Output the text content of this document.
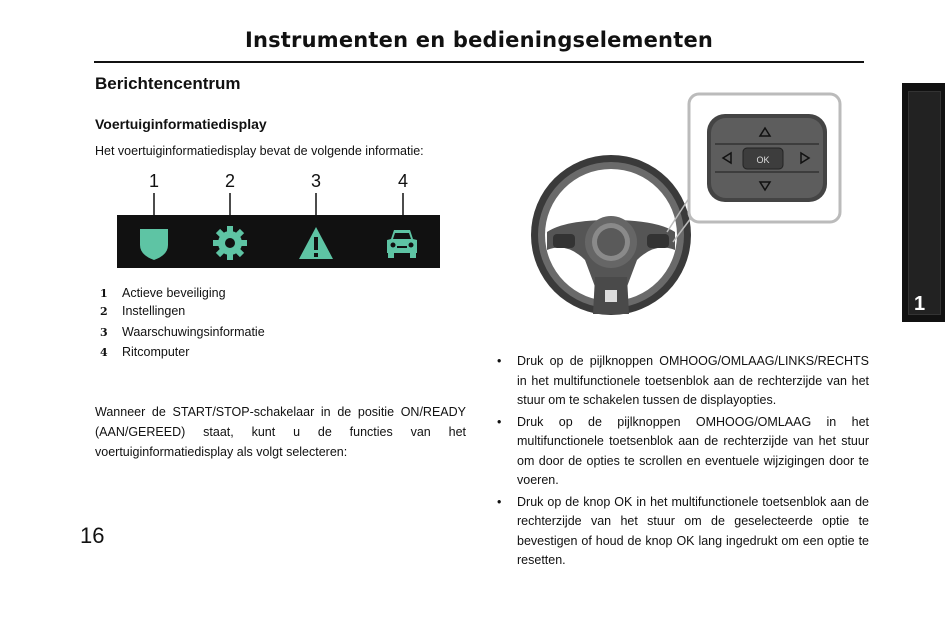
Instrumenten en bedieningselementen
Berichtencentrum
Voertuiginformatiedisplay
Het voertuiginformatiedisplay bevat de volgende informatie:
1	2	3	4
1 Actieve beveiliging
2 Instellingen
3 Waarschuwingsinformatie
4 Ritcomputer
Wanneer de START/STOP-schakelaar in de positie ON/READY (AAN/GEREED) staat, kunt u de functies van het voertuiginformatiedisplay als volgt selecteren:
16
1
OK
• Druk op de pijlknoppen OMHOOG/OMLAAG/LINKS/RECHTS in het multifunctionele toetsenblok aan de rechterzijde van het stuur om te schakelen tussen de displayopties.
• Druk op de pijlknoppen OMHOOG/OMLAAG in het multifunctionele toetsenblok aan de rechterzijde van het stuur om door de opties te scrollen en eventuele wijzigingen door te voeren.
• Druk op de knop OK in het multifunctionele toetsenblok aan de rechterzijde van het stuur om de geselecteerde optie te bevestigen of houd de knop OK lang ingedrukt om een optie te resetten.
